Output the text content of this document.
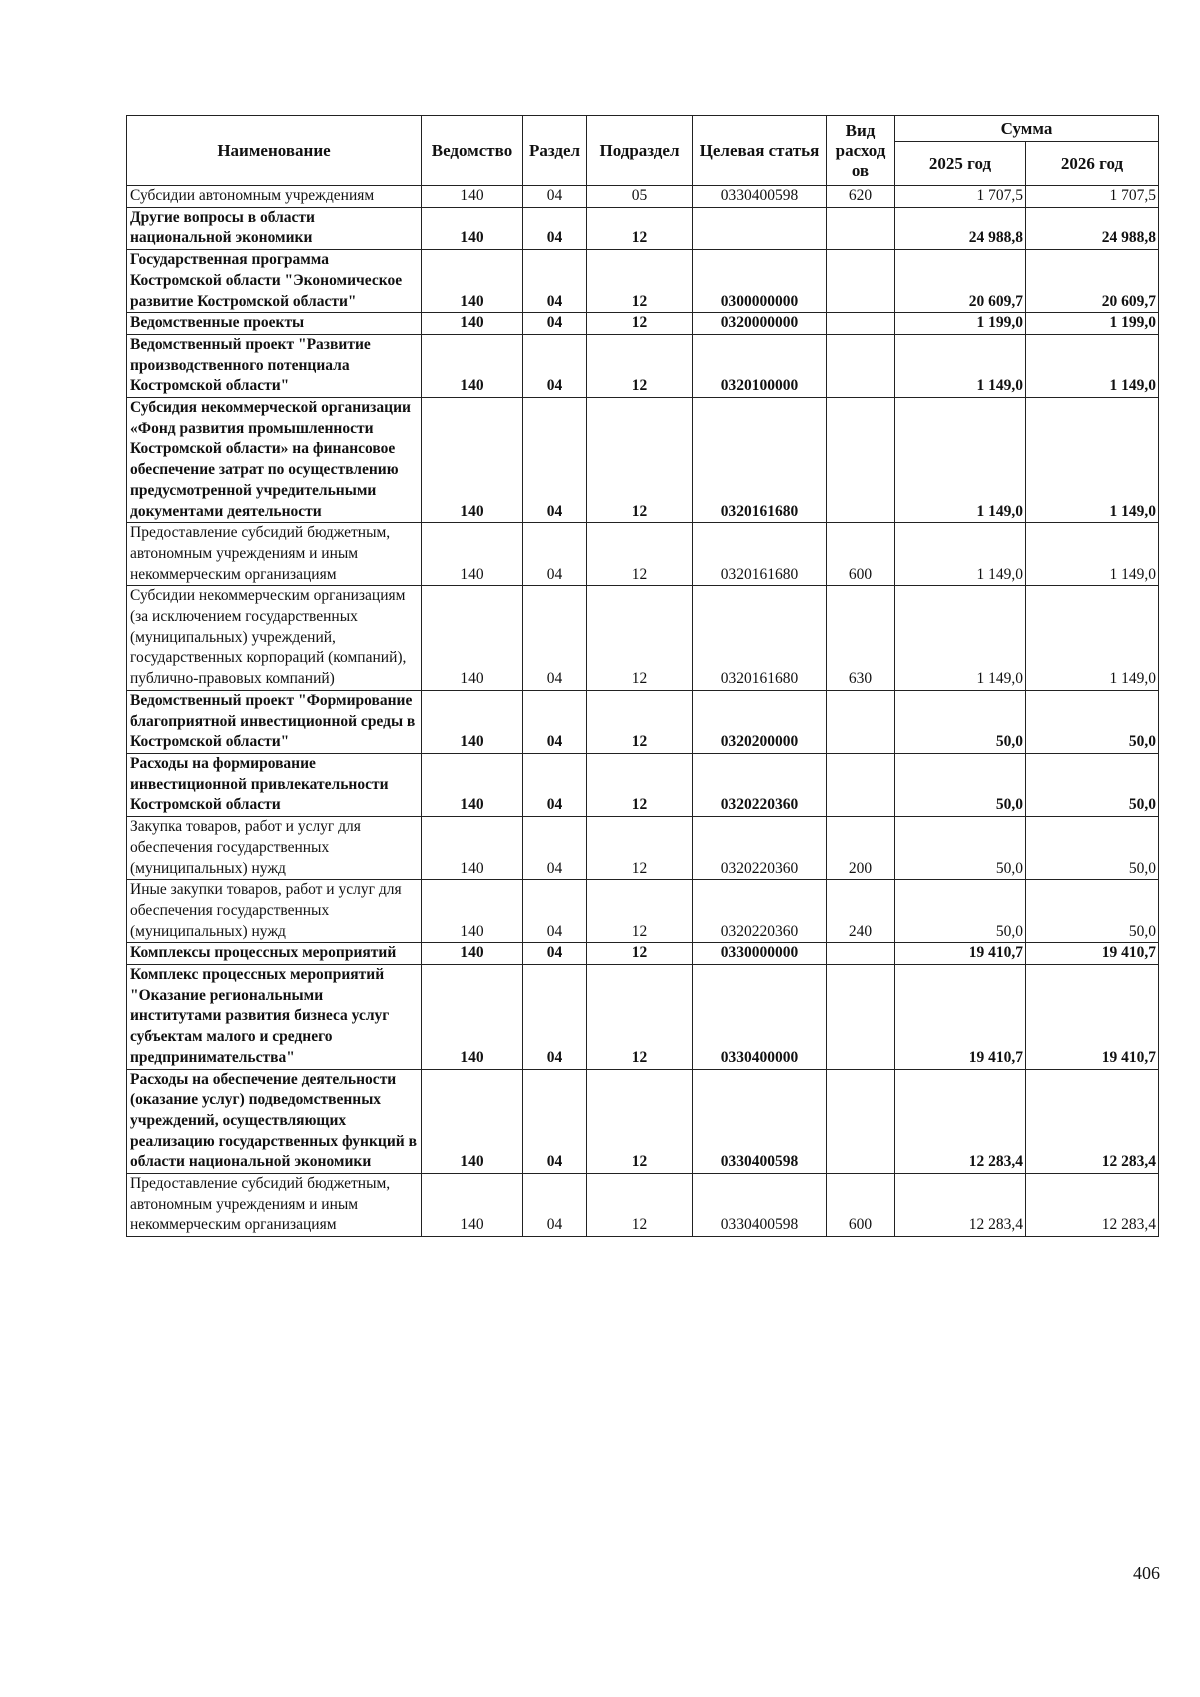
Наименование	Ведомство	Раздел	Подраздел	Целевая статья	Вид расход ов	Сумма	
						2025 год	2026 год
Субсидии автономным учреждениям	140	04	05	0330400598	620	1 707,5	1 707,5
Другие вопросы в области национальной экономики	140	04	12			24 988,8	24 988,8
Государственная программа Костромской области "Экономическое развитие Костромской области"	140	04	12	0300000000		20 609,7	20 609,7
Ведомственные проекты	140	04	12	0320000000		1 199,0	1 199,0
Ведомственный проект "Развитие производственного потенциала Костромской области"	140	04	12	0320100000		1 149,0	1 149,0
Субсидия некоммерческой организации «Фонд развития промышленности Костромской области» на финансовое обеспечение затрат по осуществлению предусмотренной учредительными документами деятельности	140	04	12	0320161680		1 149,0	1 149,0
Предоставление субсидий бюджетным, автономным учреждениям и иным некоммерческим организациям	140	04	12	0320161680	600	1 149,0	1 149,0
Субсидии некоммерческим организациям (за исключением государственных (муниципальных) учреждений, государственных корпораций (компаний), публично-правовых компаний)	140	04	12	0320161680	630	1 149,0	1 149,0
Ведомственный проект "Формирование благоприятной инвестиционной среды в Костромской области"	140	04	12	0320200000		50,0	50,0
Расходы на формирование инвестиционной привлекательности Костромской области	140	04	12	0320220360		50,0	50,0
Закупка товаров, работ и услуг для обеспечения государственных (муниципальных) нужд	140	04	12	0320220360	200	50,0	50,0
Иные закупки товаров, работ и услуг для обеспечения государственных (муниципальных) нужд	140	04	12	0320220360	240	50,0	50,0
Комплексы процессных мероприятий	140	04	12	0330000000		19 410,7	19 410,7
Комплекс процессных мероприятий "Оказание региональными институтами развития бизнеса услуг субъектам малого и среднего предпринимательства"	140	04	12	0330400000		19 410,7	19 410,7
Расходы на обеспечение деятельности (оказание услуг) подведомственных учреждений, осуществляющих реализацию государственных функций в области национальной экономики	140	04	12	0330400598		12 283,4	12 283,4
Предоставление субсидий бюджетным, автономным учреждениям и иным некоммерческим организациям	140	04	12	0330400598	600	12 283,4	12 283,4
406
